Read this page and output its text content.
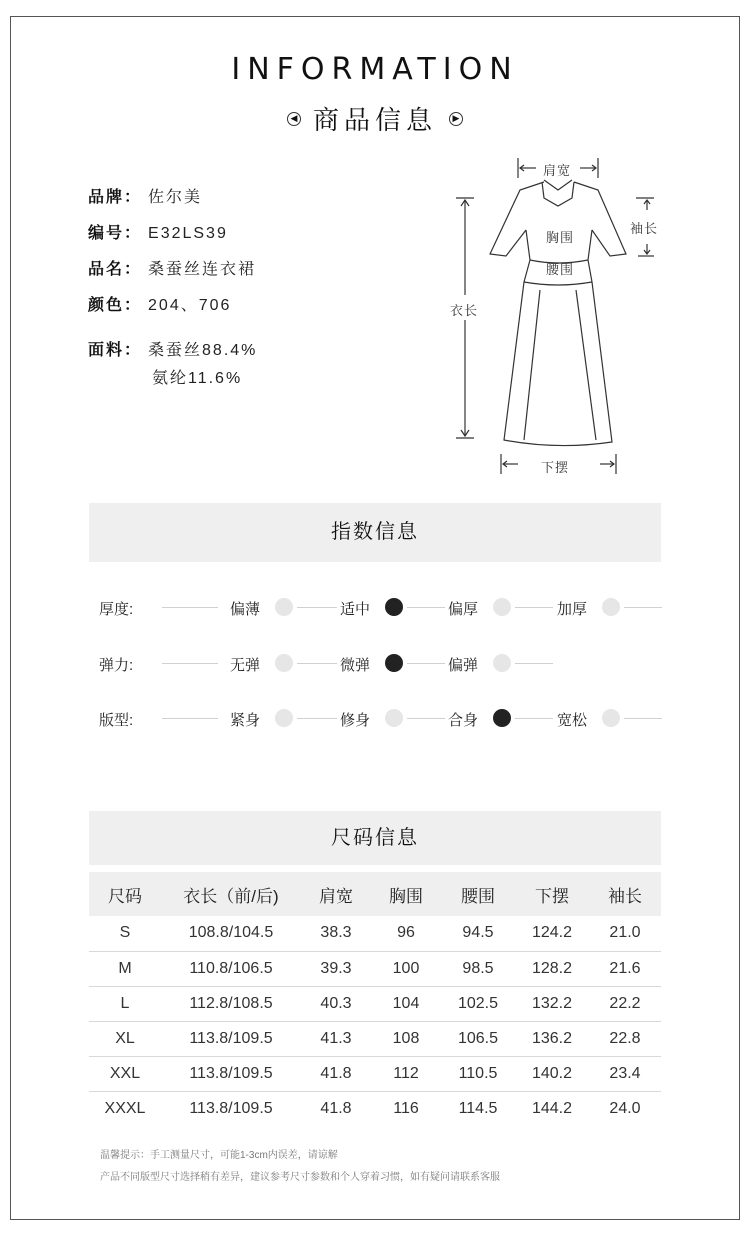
INFORMATION
◀ 商品信息 ▶
品牌： 佐尔美
编号： E32LS39
品名： 桑蚕丝连衣裙
颜色： 204、706
面料： 桑蚕丝88.4%
氨纶11.6%
肩宽
袖长
胸围
腰围
衣长
下摆
指数信息
厚度:	偏薄	适中	偏厚	加厚
弹力:	无弹	微弹	偏弹
版型:	紧身	修身	合身	宽松
尺码信息
尺码	衣长（前/后)	肩宽	胸围	腰围	下摆	袖长
S	108.8/104.5	38.3	96	94.5	124.2	21.0
M	110.8/106.5	39.3	100	98.5	128.2	21.6
L	112.8/108.5	40.3	104	102.5	132.2	22.2
XL	113.8/109.5	41.3	108	106.5	136.2	22.8
XXL	113.8/109.5	41.8	112	110.5	140.2	23.4
XXXL	113.8/109.5	41.8	116	114.5	144.2	24.0
温馨提示：手工测量尺寸，可能1-3cm内误差，请谅解
产品不同版型尺寸选择稍有差异，建议参考尺寸参数和个人穿着习惯，如有疑问请联系客服
